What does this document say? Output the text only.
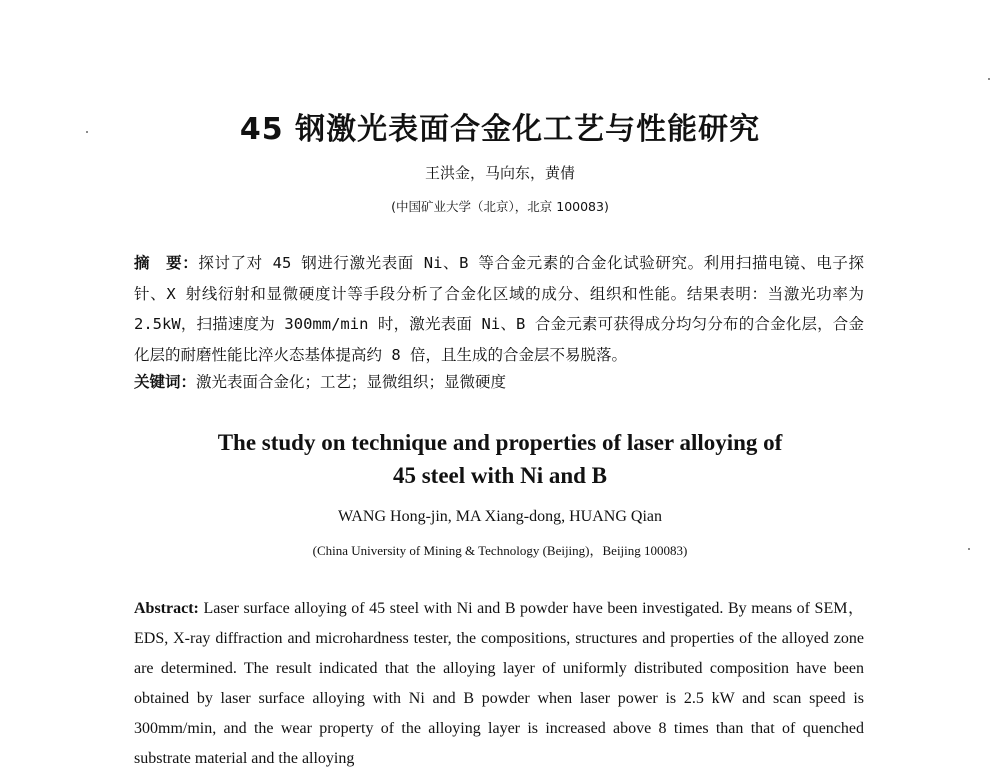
45 钢激光表面合金化工艺与性能研究
王洪金，马向东，黄倩
(中国矿业大学（北京），北京 100083)
摘　要：探讨了对 45 钢进行激光表面 Ni、B 等合金元素的合金化试验研究。利用扫描电镜、电子探针、X 射线衍射和显微硬度计等手段分析了合金化区域的成分、组织和性能。结果表明：当激光功率为 2.5kW，扫描速度为 300mm/min 时，激光表面 Ni、B 合金元素可获得成分均匀分布的合金化层，合金化层的耐磨性能比淬火态基体提高约 8 倍，且生成的合金层不易脱落。
关键词：激光表面合金化；工艺；显微组织；显微硬度
The study on technique and properties of laser alloying of
45 steel with Ni and B
WANG Hong-jin, MA Xiang-dong, HUANG Qian
(China University of Mining & Technology (Beijing)，Beijing 100083)
Abstract: Laser surface alloying of 45 steel with Ni and B powder have been investigated. By means of SEM， EDS, X-ray diffraction and microhardness tester, the compositions, structures and properties of the alloyed zone are determined. The result indicated that the alloying layer of uniformly distributed composition have been obtained by laser surface alloying with Ni and B powder when laser power is 2.5 kW and scan speed is 300mm/min, and the wear property of the alloying layer is increased above 8 times than that of quenched substrate material and the alloying
